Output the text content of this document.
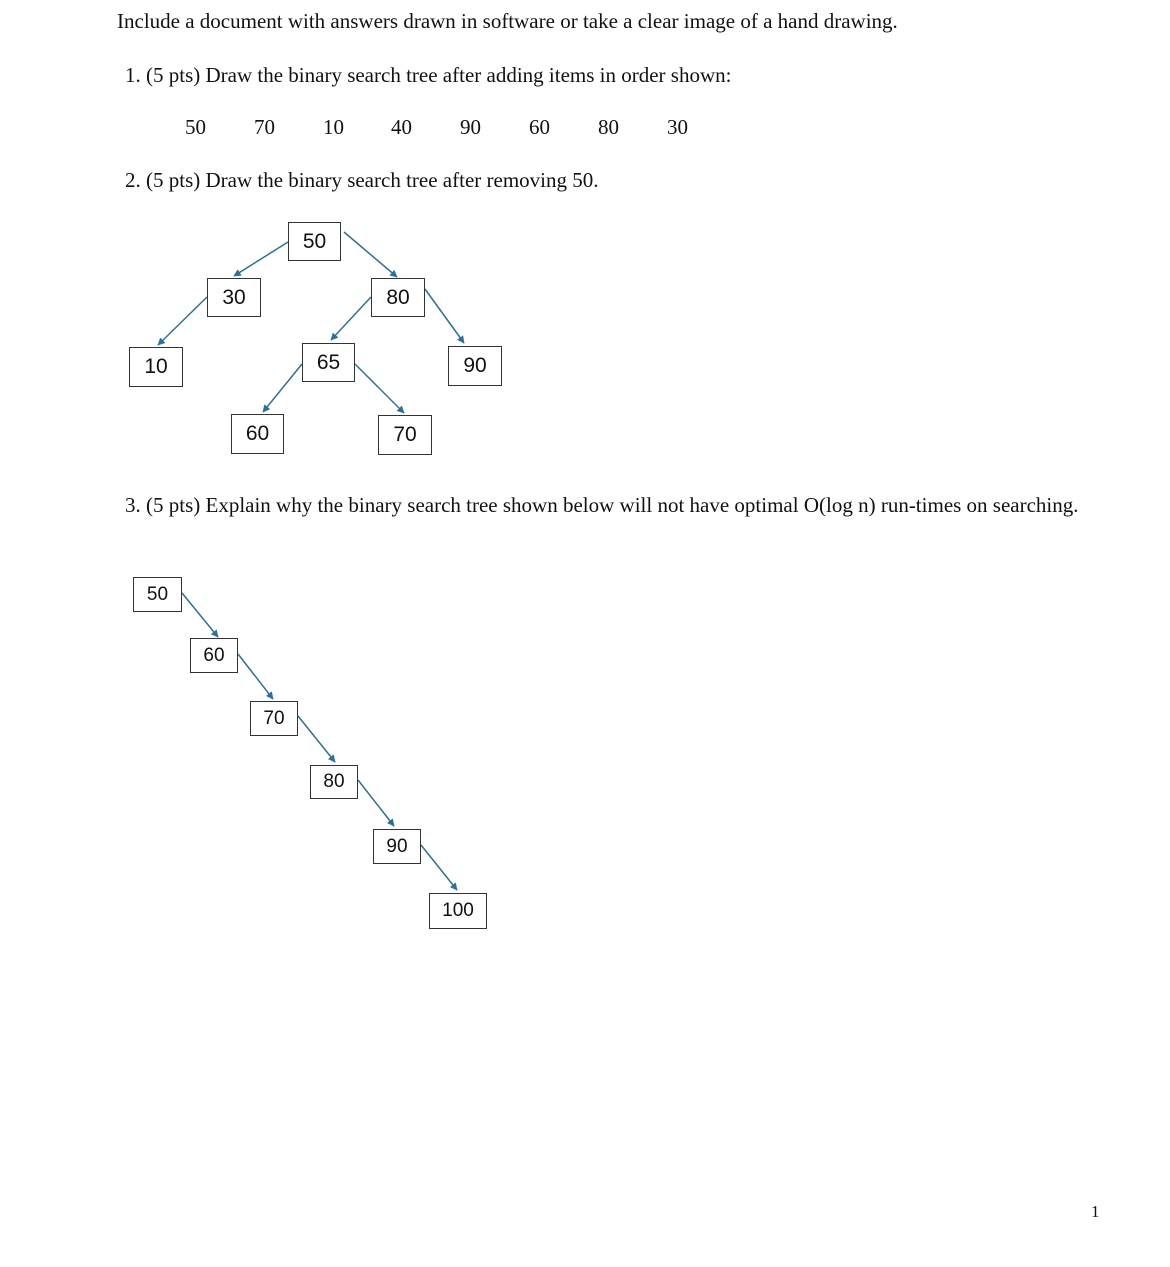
Include a document with answers drawn in software or take a clear image of a hand drawing.
1. (5 pts) Draw the binary search tree after adding items in order shown:
50 70 10 40 90 60 80 30
2. (5 pts) Draw the binary search tree after removing 50.
50
30	80
10	65	90
60	70
3. (5 pts) Explain why the binary search tree shown below will not have optimal O(log n) run-times on searching.
50
60
70
80
90
100
1
